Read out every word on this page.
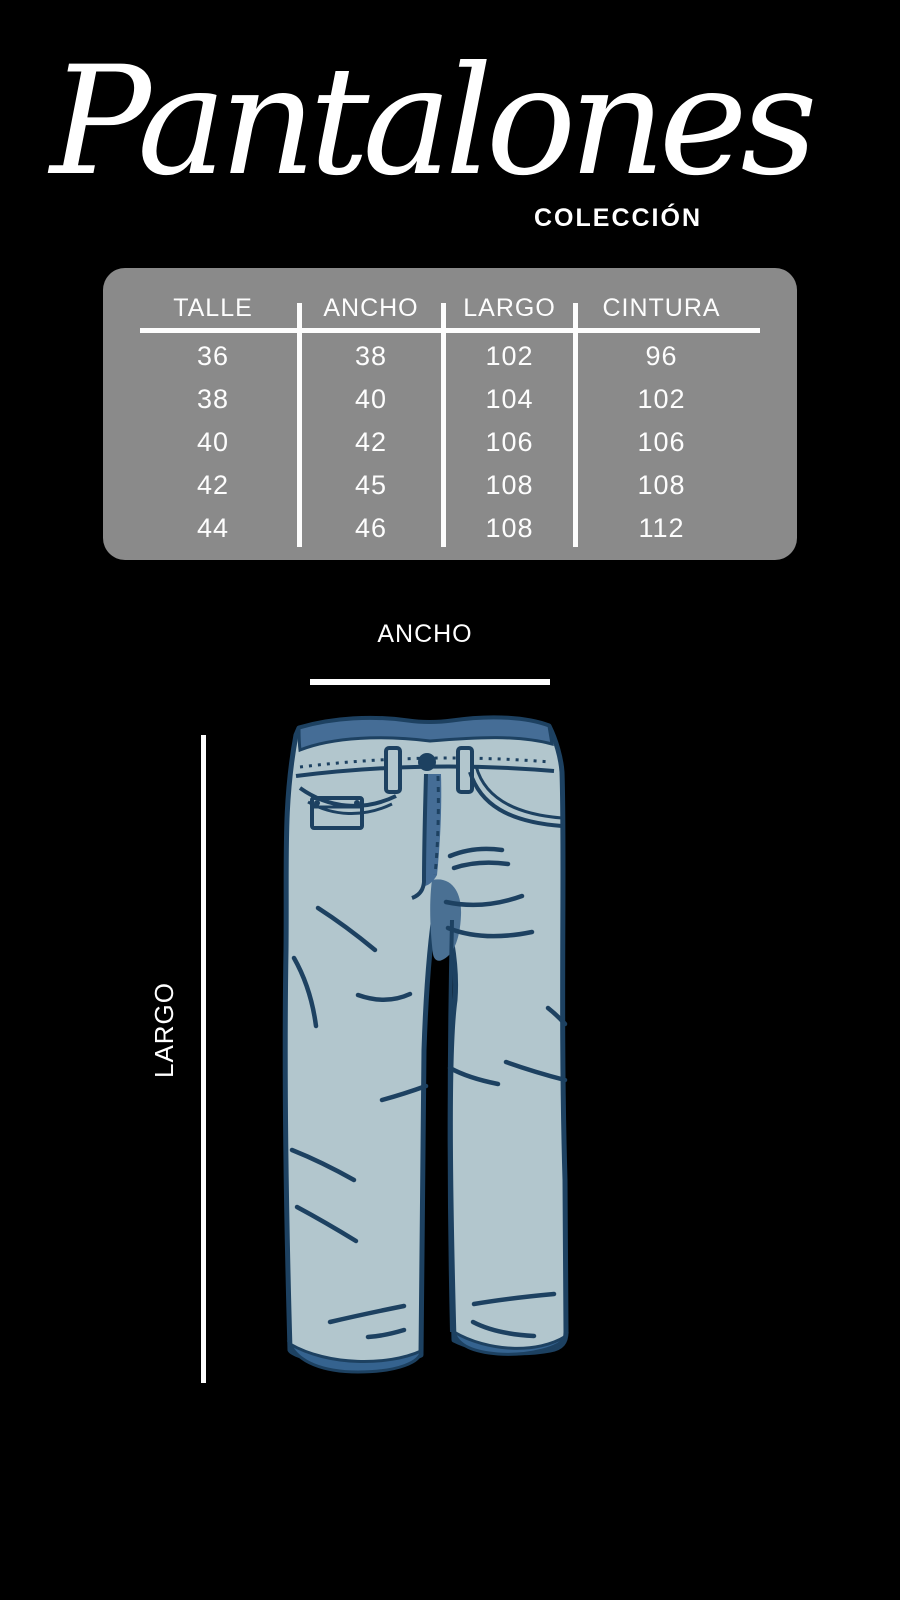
Pantalones
COLECCIÓN
TALLE	ANCHO	LARGO	CINTURA
36	38	102	96
38	40	104	102
40	42	106	106
42	45	108	108
44	46	108	112
ANCHO
LARGO
